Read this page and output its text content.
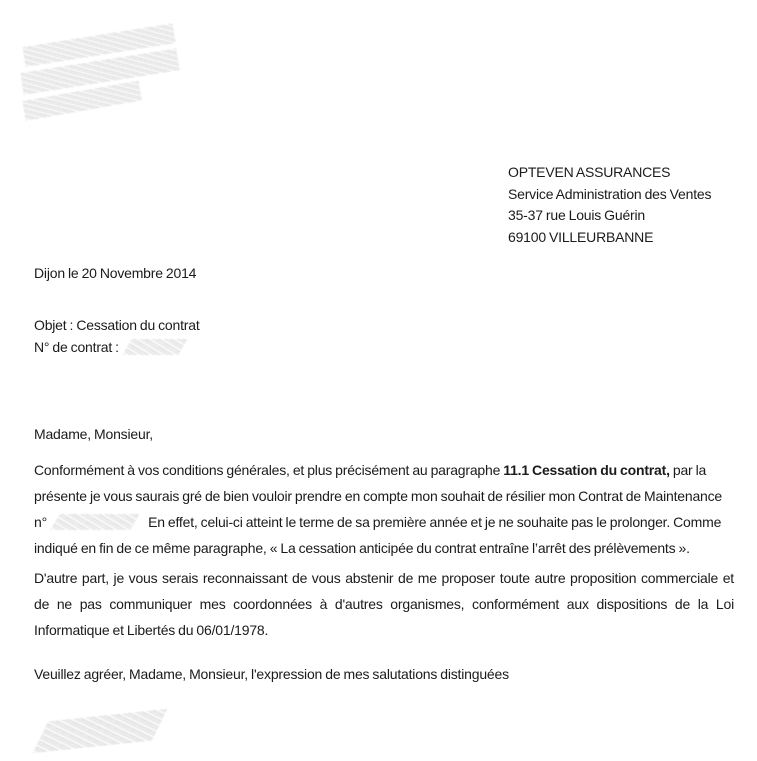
OPTEVEN ASSURANCES
Service Administration des Ventes
35-37 rue Louis Guérin
69100 VILLEURBANNE
Dijon le 20 Novembre 2014
Objet : Cessation du contrat
N° de contrat :
Madame, Monsieur,
Conformément à vos conditions générales, et plus précisément au paragraphe 11.1 Cessation du contrat, par la
présente je vous saurais gré de bien vouloir prendre en compte mon souhait de résilier mon Contrat de Maintenance
n°	En effet, celui-ci atteint le terme de sa première année et je ne souhaite pas le prolonger. Comme
indiqué en fin de ce même paragraphe, « La cessation anticipée du contrat entraîne l’arrêt des prélèvements ».
D'autre part, je vous serais reconnaissant de vous abstenir de me proposer toute autre proposition commerciale et
de ne pas communiquer mes coordonnées à d'autres organismes, conformément aux dispositions de la Loi
Informatique et Libertés du 06/01/1978.
Veuillez agréer, Madame, Monsieur, l'expression de mes salutations distinguées
